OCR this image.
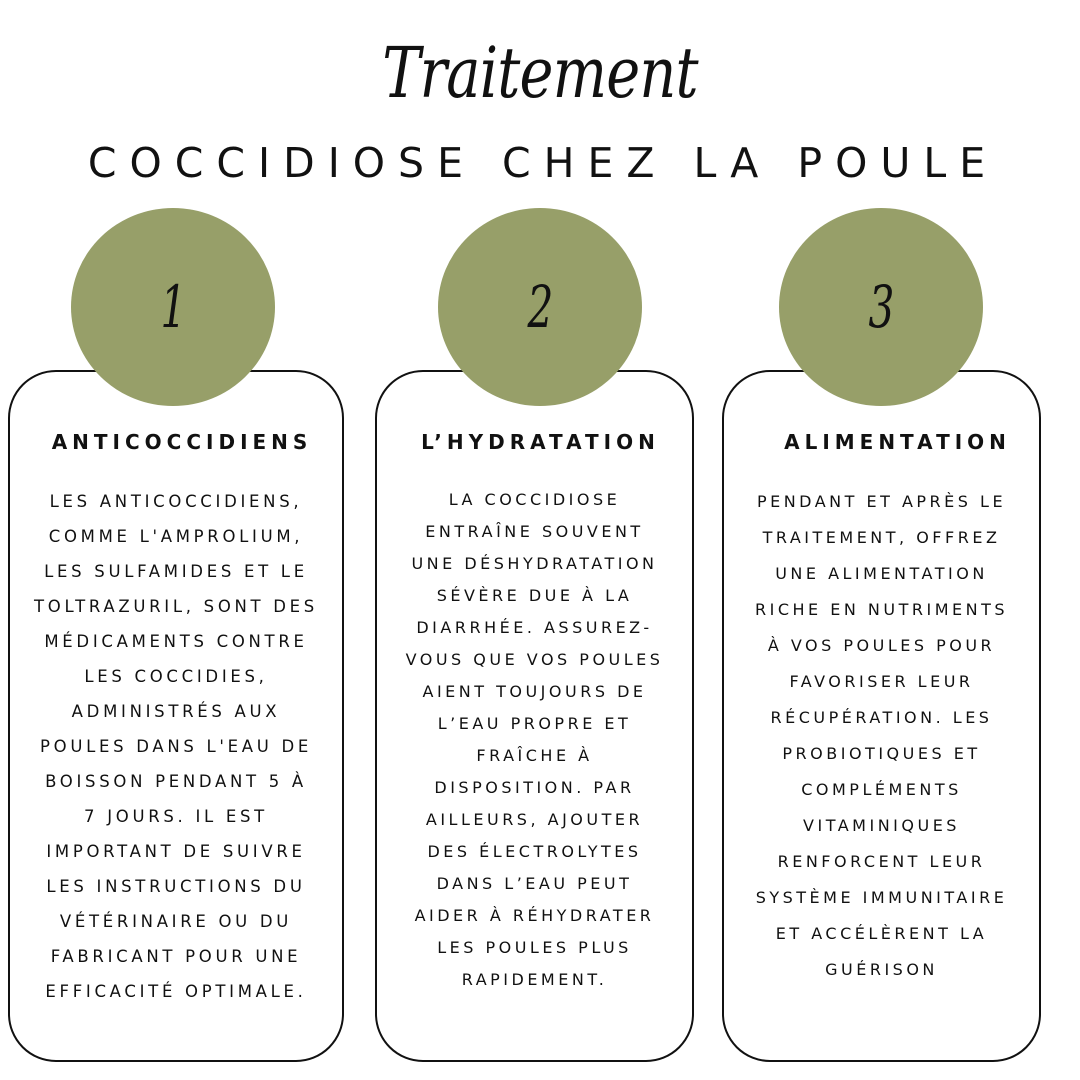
Traitement
COCCIDIOSE CHEZ LA POULE
ANTICOCCIDIENS
LES ANTICOCCIDIENS,
COMME L'AMPROLIUM,
LES SULFAMIDES ET LE
TOLTRAZURIL, SONT DES
MÉDICAMENTS CONTRE
LES COCCIDIES,
ADMINISTRÉS AUX
POULES DANS L'EAU DE
BOISSON PENDANT 5 À
7 JOURS. IL EST
IMPORTANT DE SUIVRE
LES INSTRUCTIONS DU
VÉTÉRINAIRE OU DU
FABRICANT POUR UNE
EFFICACITÉ OPTIMALE.
L’HYDRATATION
LA COCCIDIOSE
ENTRAÎNE SOUVENT
UNE DÉSHYDRATATION
SÉVÈRE DUE À LA
DIARRHÉE. ASSUREZ-
VOUS QUE VOS POULES
AIENT TOUJOURS DE
L’EAU PROPRE ET
FRAÎCHE À
DISPOSITION. PAR
AILLEURS, AJOUTER
DES ÉLECTROLYTES
DANS L’EAU PEUT
AIDER À RÉHYDRATER
LES POULES PLUS
RAPIDEMENT.
ALIMENTATION
PENDANT ET APRÈS LE
TRAITEMENT, OFFREZ
UNE ALIMENTATION
RICHE EN NUTRIMENTS
À VOS POULES POUR
FAVORISER LEUR
RÉCUPÉRATION. LES
PROBIOTIQUES ET
COMPLÉMENTS
VITAMINIQUES
RENFORCENT LEUR
SYSTÈME IMMUNITAIRE
ET ACCÉLÈRENT LA
GUÉRISON
1	2	3
